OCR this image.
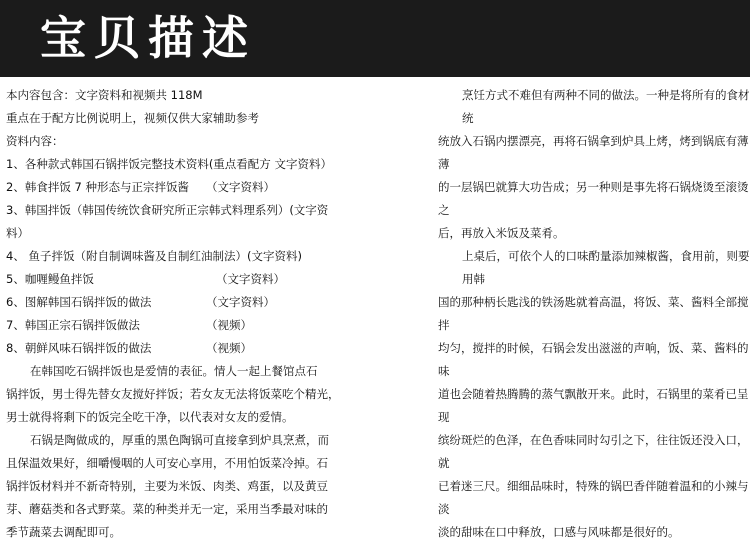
宝贝描述
本内容包含：文字资料和视频共 118M
重点在于配方比例说明上，视频仅供大家辅助参考
资料内容：
1、各种款式韩国石锅拌饭完整技术资料(重点看配方 文字资料）
2、韩食拌饭 7 种形态与正宗拌饭酱 （文字资料）
3、韩国拌饭（韩国传统饮食研究所正宗韩式料理系列）(文字资
料）
4、 鱼子拌饭（附自制调味酱及自制红油制法）(文字资料)
5、咖喱鳗鱼拌饭	（文字资料）
6、图解韩国石锅拌饭的做法	（文字资料）
7、韩国正宗石锅拌饭做法	（视频）
8、朝鲜风味石锅拌饭的做法	（视频）
在韩国吃石锅拌饭也是爱情的表征。情人一起上餐馆点石
锅拌饭，男士得先替女友搅好拌饭；若女友无法将饭菜吃个精光，
男士就得将剩下的饭完全吃干净，以代表对女友的爱情。
石锅是陶做成的，厚重的黑色陶锅可直接拿到炉具烹煮，而
且保温效果好，细嚼慢咽的人可安心享用，不用怕饭菜冷掉。石
锅拌饭材料并不新奇特别，主要为米饭、肉类、鸡蛋，以及黄豆
芽、蘑菇类和各式野菜。菜的种类并无一定，采用当季最对味的
季节蔬菜去调配即可。

烹饪方式不难但有两种不同的做法。一种是将所有的食材统

统放入石锅内摆漂亮，再将石锅拿到炉具上烤，烤到锅底有薄薄

的一层锅巴就算大功告成；另一种则是事先将石锅烧烫至滚烫之

后，再放入米饭及菜肴。

上桌后，可依个人的口味酌量添加辣椒酱，食用前，则要用韩

国的那种柄长匙浅的铁汤匙就着高温，将饭、菜、酱料全部搅拌

均匀，搅拌的时候，石锅会发出滋滋的声响，饭、菜、酱料的味

道也会随着热腾腾的蒸气飘散开来。此时，石锅里的菜肴已呈现

缤纷斑烂的色泽，在色香味同时勾引之下，往往饭还没入口，就

已着迷三尺。细细品味时，特殊的锅巴香伴随着温和的小辣与淡

淡的甜味在口中释放，口感与风味都是很好的。
